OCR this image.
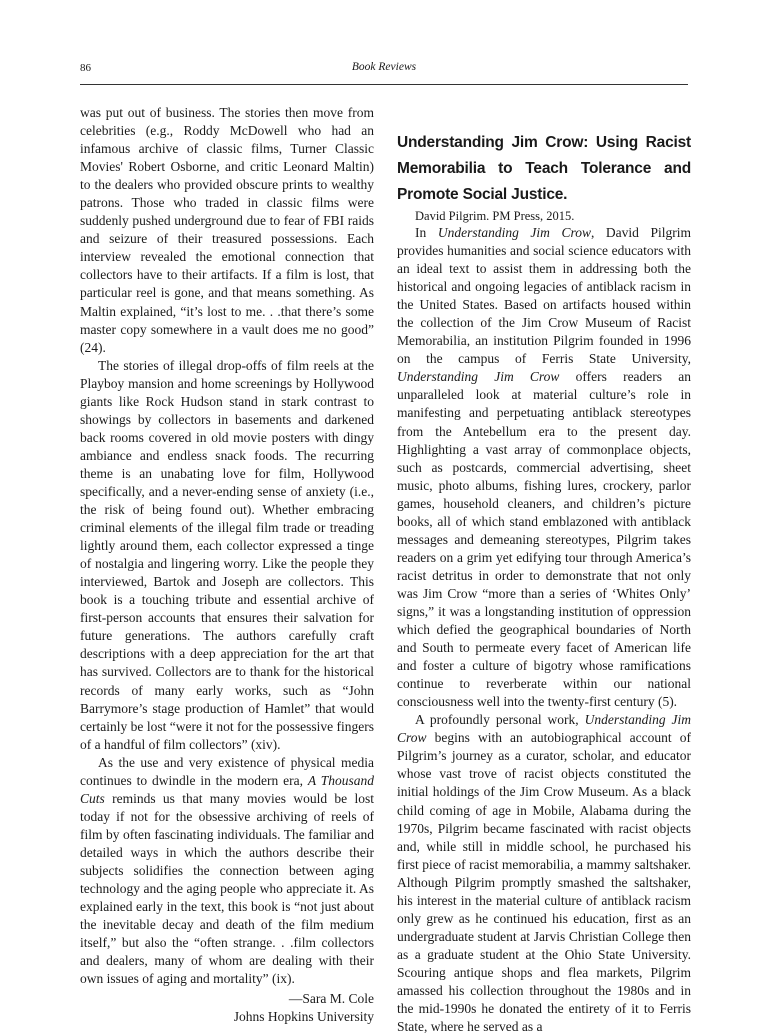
86	Book Reviews

was put out of business. The stories then move from celebrities (e.g., Roddy McDowell who had an infamous archive of classic films, Turner Classic Movies' Robert Osborne, and critic Leonard Maltin) to the dealers who provided obscure prints to wealthy patrons. Those who traded in classic films were suddenly pushed underground due to fear of FBI raids and seizure of their treasured possessions. Each interview revealed the emotional connection that collectors have to their artifacts. If a film is lost, that particular reel is gone, and that means something. As Maltin explained, “it’s lost to me. . .that there’s some master copy somewhere in a vault does me no good” (24).

The stories of illegal drop-offs of film reels at the Playboy mansion and home screenings by Hollywood giants like Rock Hudson stand in stark contrast to showings by collectors in basements and darkened back rooms covered in old movie posters with dingy ambiance and endless snack foods. The recurring theme is an unabating love for film, Hollywood specifically, and a never-ending sense of anxiety (i.e., the risk of being found out). Whether embracing criminal elements of the illegal film trade or treading lightly around them, each collector expressed a tinge of nostalgia and lingering worry. Like the people they interviewed, Bartok and Joseph are collectors. This book is a touching tribute and essential archive of first-person accounts that ensures their salvation for future generations. The authors carefully craft descriptions with a deep appreciation for the art that has survived. Collectors are to thank for the historical records of many early works, such as “John Barrymore’s stage production of Hamlet” that would certainly be lost “were it not for the possessive fingers of a handful of film collectors” (xiv).

As the use and very existence of physical media continues to dwindle in the modern era, A Thousand Cuts reminds us that many movies would be lost today if not for the obsessive archiving of reels of film by often fascinating individuals. The familiar and detailed ways in which the authors describe their subjects solidifies the connection between aging technology and the aging people who appreciate it. As explained early in the text, this book is “not just about the inevitable decay and death of the film medium itself,” but also the “often strange. . .film collectors and dealers, many of whom are dealing with their own issues of aging and mortality” (ix).

—Sara M. Cole
Johns Hopkins University
Understanding Jim Crow: Using Racist Memorabilia to Teach Tolerance and Promote Social Justice.

David Pilgrim. PM Press, 2015.

In Understanding Jim Crow, David Pilgrim provides humanities and social science educators with an ideal text to assist them in addressing both the historical and ongoing legacies of antiblack racism in the United States. Based on artifacts housed within the collection of the Jim Crow Museum of Racist Memorabilia, an institution Pilgrim founded in 1996 on the campus of Ferris State University, Understanding Jim Crow offers readers an unparalleled look at material culture’s role in manifesting and perpetuating antiblack stereotypes from the Antebellum era to the present day. Highlighting a vast array of commonplace objects, such as postcards, commercial advertising, sheet music, photo albums, fishing lures, crockery, parlor games, household cleaners, and children’s picture books, all of which stand emblazoned with antiblack messages and demeaning stereotypes, Pilgrim takes readers on a grim yet edifying tour through America’s racist detritus in order to demonstrate that not only was Jim Crow “more than a series of ‘Whites Only’ signs,” it was a longstanding institution of oppression which defied the geographical boundaries of North and South to permeate every facet of American life and foster a culture of bigotry whose ramifications continue to reverberate within our national consciousness well into the twenty-first century (5).

A profoundly personal work, Understanding Jim Crow begins with an autobiographical account of Pilgrim’s journey as a curator, scholar, and educator whose vast trove of racist objects constituted the initial holdings of the Jim Crow Museum. As a black child coming of age in Mobile, Alabama during the 1970s, Pilgrim became fascinated with racist objects and, while still in middle school, he purchased his first piece of racist memorabilia, a mammy saltshaker. Although Pilgrim promptly smashed the saltshaker, his interest in the material culture of antiblack racism only grew as he continued his education, first as an undergraduate student at Jarvis Christian College then as a graduate student at the Ohio State University. Scouring antique shops and flea markets, Pilgrim amassed his collection throughout the 1980s and in the mid-1990s he donated the entirety of it to Ferris State, where he served as a
